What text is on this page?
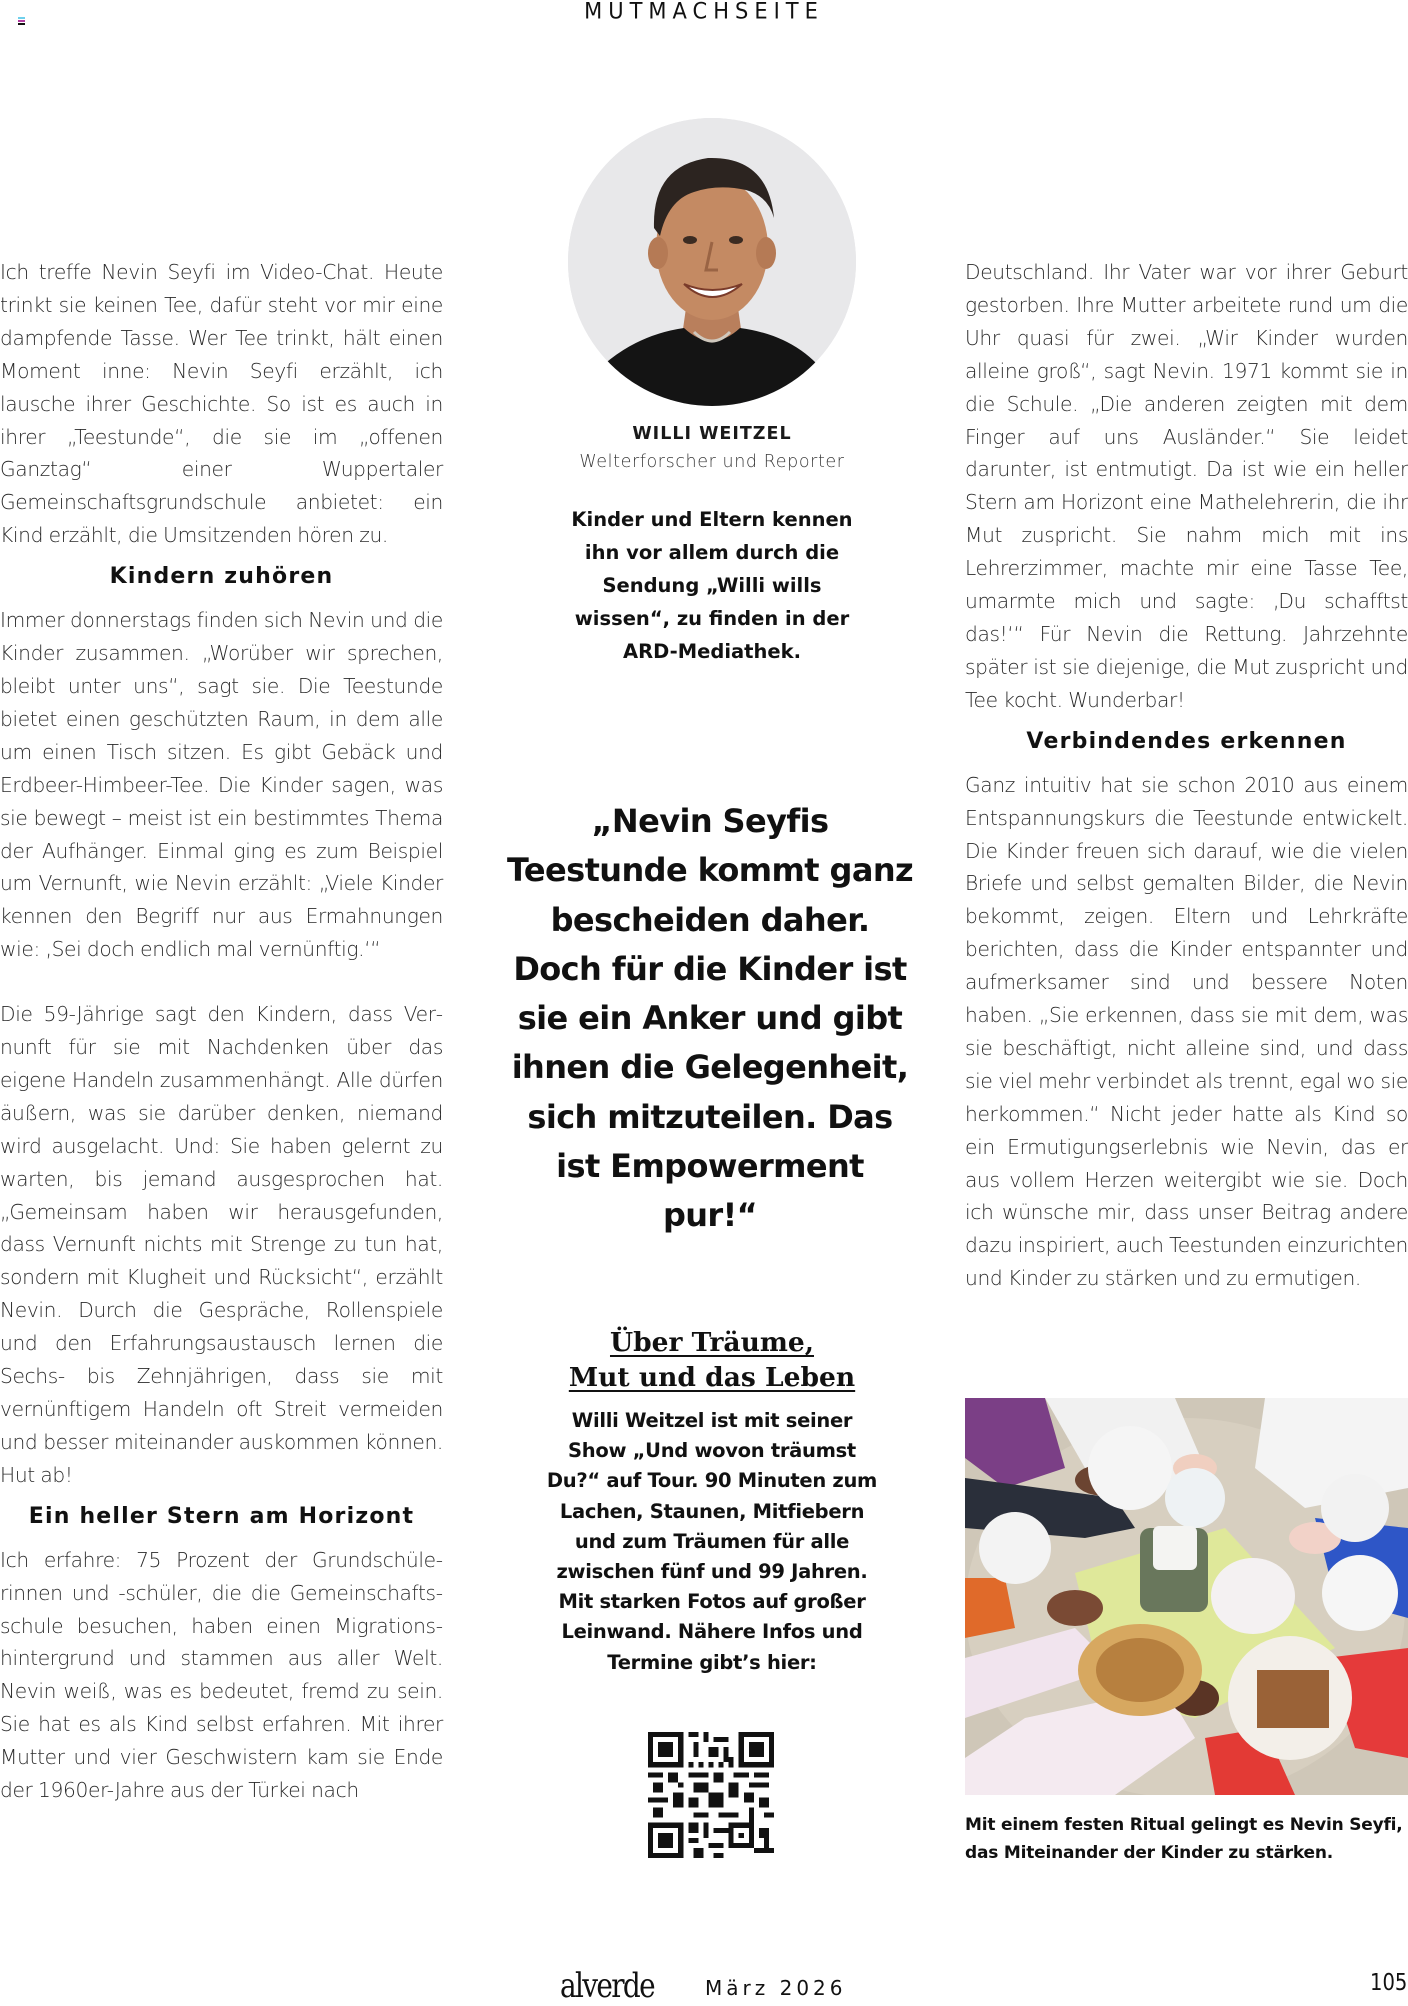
MUTMACHSEITE

Ich treffe Nevin Seyfi im Video-Chat. Heute trinkt sie keinen Tee, dafür steht vor mir eine dampfende Tasse. Wer Tee trinkt, hält einen Moment inne: Nevin Seyfi erzählt, ich lausche ihrer Geschichte. So ist es auch in ihrer „Teestunde“, die sie im „offenen Ganztag“ einer Wuppertaler Gemeinschaftsgrundschule anbietet: ein Kind erzählt, die Umsitzenden hören zu.

Kindern zuhören

Immer donnerstags finden sich Nevin und die Kinder zusammen. „Worüber wir sprechen, bleibt unter uns“, sagt sie. Die Teestunde bietet einen geschützten Raum, in dem alle um einen Tisch sitzen. Es gibt Gebäck und Erdbeer-Himbeer-Tee. Die Kinder sagen, was sie bewegt – meist ist ein bestimmtes Thema der Aufhänger. Einmal ging es zum Beispiel um Vernunft, wie Nevin erzählt: „Viele Kinder kennen den Begriff nur aus Ermahnungen wie: ‚Sei doch endlich mal vernünftig.‘“

Die 59-Jährige sagt den Kindern, dass Vernunft für sie mit Nachdenken über das eigene Handeln zusammenhängt. Alle dürfen äußern, was sie darüber denken, niemand wird ausgelacht. Und: Sie haben gelernt zu warten, bis jemand ausgesprochen hat. „Gemeinsam haben wir herausgefunden, dass Vernunft nichts mit Strenge zu tun hat, sondern mit Klugheit und Rücksicht“, erzählt Nevin. Durch die Gespräche, Rollenspiele und den Erfahrungsaustausch lernen die Sechs- bis Zehnjährigen, dass sie mit vernünftigem Handeln oft Streit vermeiden und besser miteinander auskommen können. Hut ab!

Ein heller Stern am Horizont

Ich erfahre: 75 Prozent der Grundschülerinnen und -schüler, die die Gemeinschaftsschule besuchen, haben einen Migrationshintergrund und stammen aus aller Welt. Nevin weiß, was es bedeutet, fremd zu sein. Sie hat es als Kind selbst erfahren. Mit ihrer Mutter und vier Geschwistern kam sie Ende der 1960er-Jahre aus der Türkei nach

WILLI WEITZEL
Welterforscher und Reporter
Kinder und Eltern kennen ihn vor allem durch die Sendung „Willi wills wissen“, zu finden in der ARD-Mediathek.
„Nevin Seyfis Teestunde kommt ganz bescheiden daher. Doch für die Kinder ist sie ein Anker und gibt ihnen die Gelegenheit, sich mitzuteilen. Das ist Empowerment pur!“
Über Träume,
Mut und das Leben
Willi Weitzel ist mit seiner Show „Und wovon träumst Du?“ auf Tour. 90 Minuten zum Lachen, Staunen, Mitfiebern und zum Träumen für alle zwischen fünf und 99 Jahren. Mit starken Fotos auf großer Leinwand. Nähere Infos und Termine gibt’s hier:

Deutschland. Ihr Vater war vor ihrer Geburt gestorben. Ihre Mutter arbeitete rund um die Uhr quasi für zwei. „Wir Kinder wurden alleine groß“, sagt Nevin. 1971 kommt sie in die Schule. „Die anderen zeigten mit dem Finger auf uns Ausländer.“ Sie leidet darunter, ist entmutigt. Da ist wie ein heller Stern am Horizont eine Mathelehrerin, die ihr Mut zuspricht. Sie nahm mich mit ins Lehrerzimmer, machte mir eine Tasse Tee, umarmte mich und sagte: ‚Du schafftst das!‘“ Für Nevin die Rettung. Jahrzehnte später ist sie diejenige, die Mut zuspricht und Tee kocht. Wunderbar!

Verbindendes erkennen

Ganz intuitiv hat sie schon 2010 aus einem Entspannungskurs die Teestunde entwickelt. Die Kinder freuen sich darauf, wie die vielen Briefe und selbst gemalten Bilder, die Nevin bekommt, zeigen. Eltern und Lehrkräfte berichten, dass die Kinder entspannter und aufmerksamer sind und bessere Noten haben. „Sie erkennen, dass sie mit dem, was sie beschäftigt, nicht alleine sind, und dass sie viel mehr verbindet als trennt, egal wo sie herkommen.“ Nicht jeder hatte als Kind so ein Ermutigungserlebnis wie Nevin, das er aus vollem Herzen weitergibt wie sie. Doch ich wünsche mir, dass unser Beitrag andere dazu inspiriert, auch Teestunden einzurichten und Kinder zu stärken und zu ermutigen.

Mit einem festen Ritual gelingt es Nevin Seyfi, das Miteinander der Kinder zu stärken.
alverde	März 2026	105
